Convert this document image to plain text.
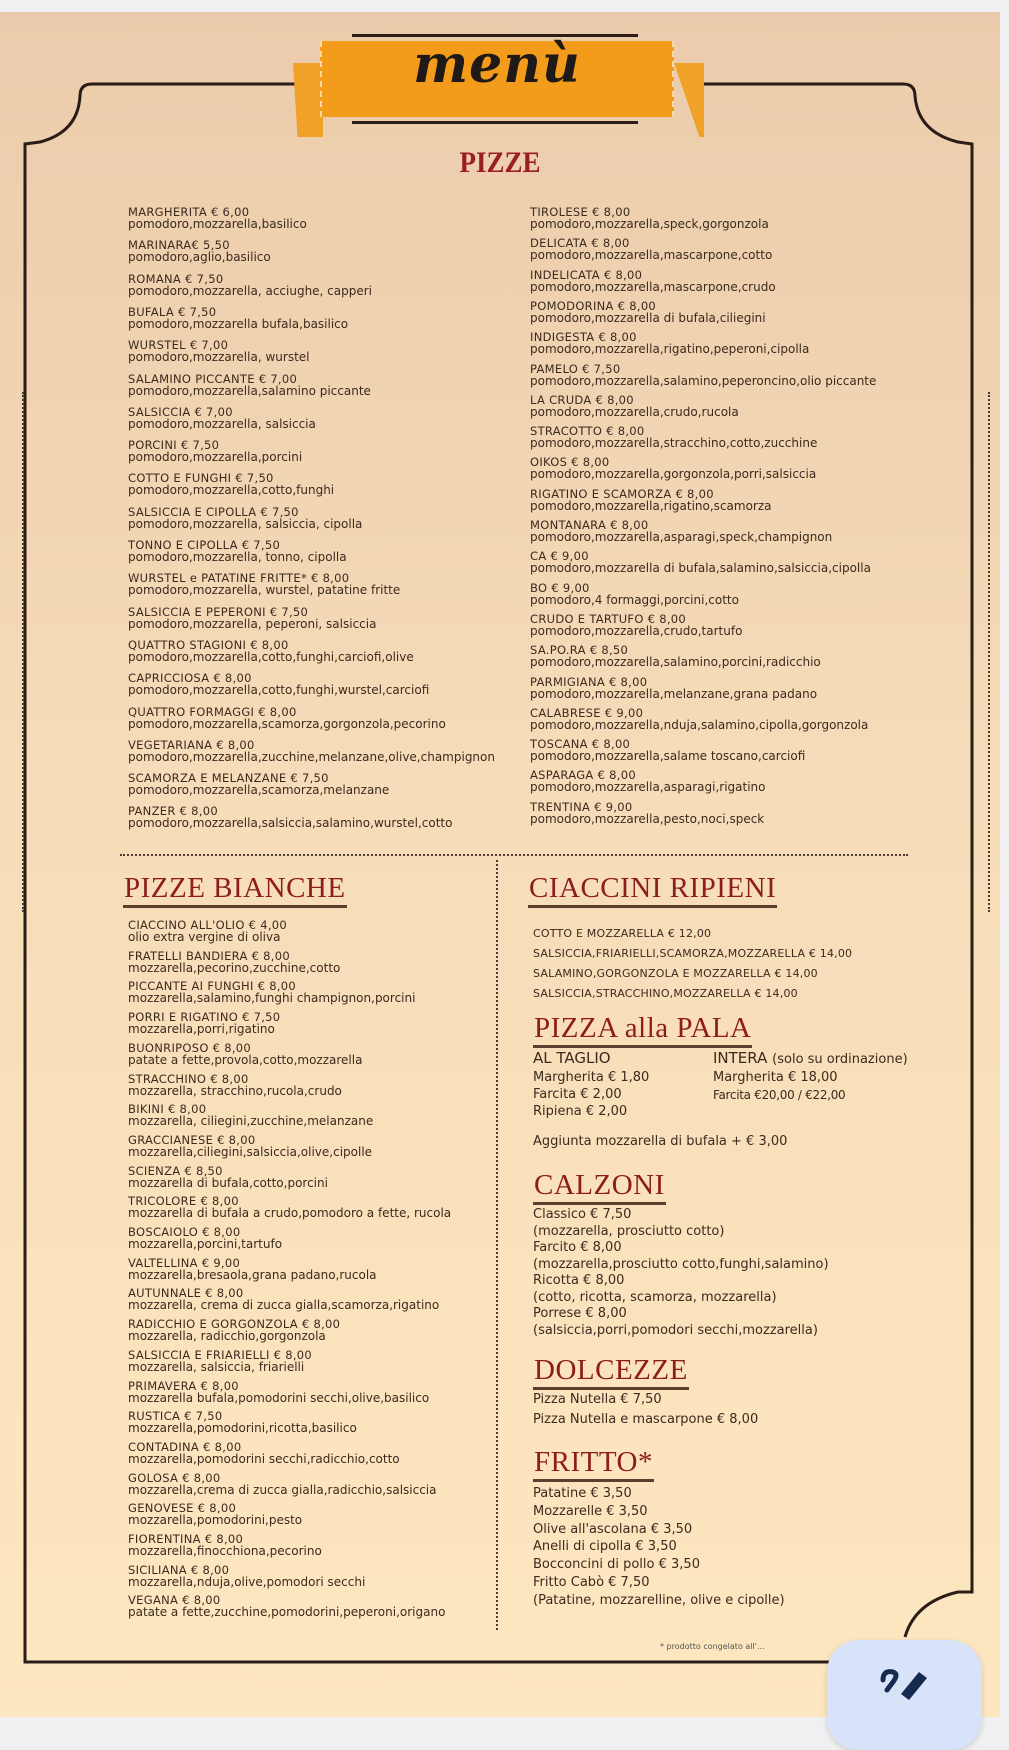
menù
PIZZE
PIZZE BIANCHE	CIACCINI RIPIENI
PIZZA alla PALA
AL TAGLIO	INTERA (solo su ordinazione)
Aggiunta mozzarella di bufala + € 3,00
CALZONI
DOLCEZZE
FRITTO*
* prodotto congelato all'...
MARGHERITA € 6,00
pomodoro,mozzarella,basilico
MARINARA€ 5,50
pomodoro,aglio,basilico
ROMANA € 7,50
pomodoro,mozzarella, acciughe, capperi
BUFALA € 7,50
pomodoro,mozzarella bufala,basilico
WURSTEL € 7,00
pomodoro,mozzarella, wurstel
SALAMINO PICCANTE € 7,00
pomodoro,mozzarella,salamino piccante
SALSICCIA € 7,00
pomodoro,mozzarella, salsiccia
PORCINI € 7,50
pomodoro,mozzarella,porcini
COTTO E FUNGHI € 7,50
pomodoro,mozzarella,cotto,funghi
SALSICCIA E CIPOLLA € 7,50
pomodoro,mozzarella, salsiccia, cipolla
TONNO E CIPOLLA € 7,50
pomodoro,mozzarella, tonno, cipolla
WURSTEL e PATATINE FRITTE* € 8,00
pomodoro,mozzarella, wurstel, patatine fritte
SALSICCIA E PEPERONI € 7,50
pomodoro,mozzarella, peperoni, salsiccia
QUATTRO STAGIONI € 8,00
pomodoro,mozzarella,cotto,funghi,carciofi,olive
CAPRICCIOSA € 8,00
pomodoro,mozzarella,cotto,funghi,wurstel,carciofi
QUATTRO FORMAGGI € 8,00
pomodoro,mozzarella,scamorza,gorgonzola,pecorino
VEGETARIANA € 8,00
pomodoro,mozzarella,zucchine,melanzane,olive,champignon
SCAMORZA E MELANZANE € 7,50
pomodoro,mozzarella,scamorza,melanzane
PANZER € 8,00
pomodoro,mozzarella,salsiccia,salamino,wurstel,cotto
TIROLESE € 8,00
pomodoro,mozzarella,speck,gorgonzola
DELICATA € 8,00
pomodoro,mozzarella,mascarpone,cotto
INDELICATA € 8,00
pomodoro,mozzarella,mascarpone,crudo
POMODORINA € 8,00
pomodoro,mozzarella di bufala,ciliegini
INDIGESTA € 8,00
pomodoro,mozzarella,rigatino,peperoni,cipolla
PAMELO € 7,50
pomodoro,mozzarella,salamino,peperoncino,olio piccante
LA CRUDA € 8,00
pomodoro,mozzarella,crudo,rucola
STRACOTTO € 8,00
pomodoro,mozzarella,stracchino,cotto,zucchine
OIKOS € 8,00
pomodoro,mozzarella,gorgonzola,porri,salsiccia
RIGATINO E SCAMORZA € 8,00
pomodoro,mozzarella,rigatino,scamorza
MONTANARA € 8,00
pomodoro,mozzarella,asparagi,speck,champignon
CA € 9,00
pomodoro,mozzarella di bufala,salamino,salsiccia,cipolla
BO € 9,00
pomodoro,4 formaggi,porcini,cotto
CRUDO E TARTUFO € 8,00
pomodoro,mozzarella,crudo,tartufo
SA.PO.RA € 8,50
pomodoro,mozzarella,salamino,porcini,radicchio
PARMIGIANA € 8,00
pomodoro,mozzarella,melanzane,grana padano
CALABRESE € 9,00
pomodoro,mozzarella,nduja,salamino,cipolla,gorgonzola
TOSCANA € 8,00
pomodoro,mozzarella,salame toscano,carciofi
ASPARAGA € 8,00
pomodoro,mozzarella,asparagi,rigatino
TRENTINA € 9,00
pomodoro,mozzarella,pesto,noci,speck
CIACCINO ALL'OLIO € 4,00
olio extra vergine di oliva
FRATELLI BANDIERA € 8,00
mozzarella,pecorino,zucchine,cotto
PICCANTE AI FUNGHI € 8,00
mozzarella,salamino,funghi champignon,porcini
PORRI E RIGATINO € 7,50
mozzarella,porri,rigatino
BUONRIPOSO € 8,00
patate a fette,provola,cotto,mozzarella
STRACCHINO € 8,00
mozzarella, stracchino,rucola,crudo
BIKINI € 8,00
mozzarella, ciliegini,zucchine,melanzane
GRACCIANESE € 8,00
mozzarella,ciliegini,salsiccia,olive,cipolle
SCIENZA € 8,50
mozzarella di bufala,cotto,porcini
TRICOLORE € 8,00
mozzarella di bufala a crudo,pomodoro a fette, rucola
BOSCAIOLO € 8,00
mozzarella,porcini,tartufo
VALTELLINA € 9,00
mozzarella,bresaola,grana padano,rucola
AUTUNNALE € 8,00
mozzarella, crema di zucca gialla,scamorza,rigatino
RADICCHIO E GORGONZOLA € 8,00
mozzarella, radicchio,gorgonzola
SALSICCIA E FRIARIELLI € 8,00
mozzarella, salsiccia, friarielli
PRIMAVERA € 8,00
mozzarella bufala,pomodorini secchi,olive,basilico
RUSTICA € 7,50
mozzarella,pomodorini,ricotta,basilico
CONTADINA € 8,00
mozzarella,pomodorini secchi,radicchio,cotto
GOLOSA € 8,00
mozzarella,crema di zucca gialla,radicchio,salsiccia
GENOVESE € 8,00
mozzarella,pomodorini,pesto
FIORENTINA € 8,00
mozzarella,finocchiona,pecorino
SICILIANA € 8,00
mozzarella,nduja,olive,pomodori secchi
VEGANA € 8,00
patate a fette,zucchine,pomodorini,peperoni,origano
COTTO E MOZZARELLA € 12,00
SALSICCIA,FRIARIELLI,SCAMORZA,MOZZARELLA € 14,00
SALAMINO,GORGONZOLA E MOZZARELLA € 14,00
SALSICCIA,STRACCHINO,MOZZARELLA € 14,00
Margherita € 1,80
Farcita € 2,00
Ripiena € 2,00
Margherita € 18,00
Farcita €20,00 / €22,00
Classico € 7,50
(mozzarella, prosciutto cotto)
Farcito € 8,00
(mozzarella,prosciutto cotto,funghi,salamino)
Ricotta € 8,00
(cotto, ricotta, scamorza, mozzarella)
Porrese € 8,00
(salsiccia,porri,pomodori secchi,mozzarella)
Pizza Nutella € 7,50
Pizza Nutella e mascarpone € 8,00
Patatine € 3,50
Mozzarelle € 3,50
Olive all'ascolana € 3,50
Anelli di cipolla € 3,50
Bocconcini di pollo € 3,50
Fritto Cabò € 7,50
(Patatine, mozzarelline, olive e cipolle)
